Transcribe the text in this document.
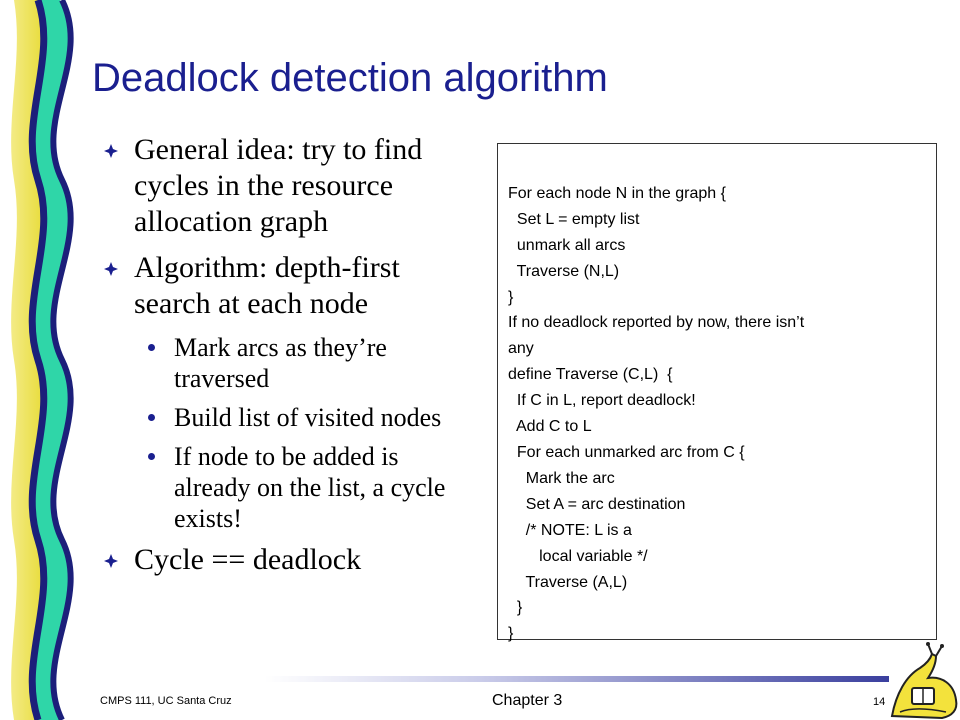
Deadlock detection algorithm
General idea: try to find cycles in the resource allocation graph
Algorithm: depth-first search at each node
Mark arcs as they’re traversed
Build list of visited nodes
If node to be added is already on the list, a cycle exists!
Cycle == deadlock

For each node N in the graph {
Set L = empty list
unmark all arcs
Traverse (N,L)
}
If no deadlock reported by now, there isn’t
any
define Traverse (C,L)  {
If C in L, report deadlock!
Add C to L
For each unmarked arc from C {
Mark the arc
Set A = arc destination
/* NOTE: L is a
local variable */
Traverse (A,L)
}
}

CMPS 111, UC Santa Cruz	Chapter 3	14
